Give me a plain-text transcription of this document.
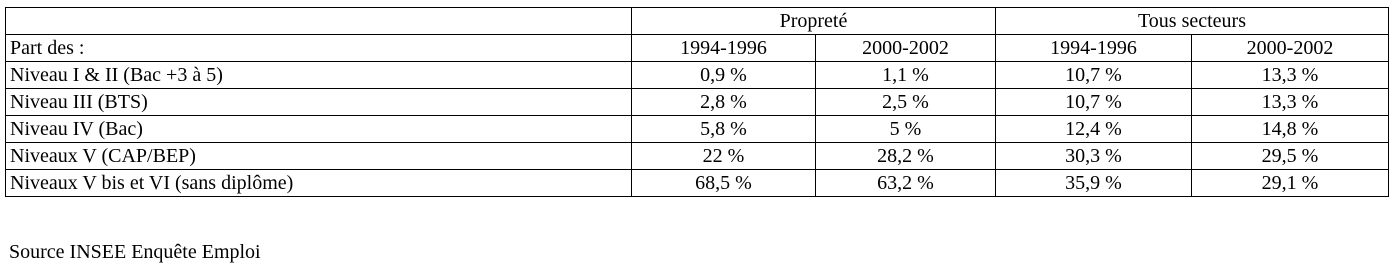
	Propreté		Tous secteurs	
Part des :	1994-1996	2000-2002	1994-1996	2000-2002
Niveau I & II (Bac +3 à 5)	0,9 %	1,1 %	10,7 %	13,3 %
Niveau III (BTS)	2,8 %	2,5 %	10,7 %	13,3 %
Niveau IV (Bac)	5,8 %	5 %	12,4 %	14,8 %
Niveaux V (CAP/BEP)	22 %	28,2 %	30,3 %	29,5 %
Niveaux V bis et VI (sans diplôme)	68,5 %	63,2 %	35,9 %	29,1 %
Source INSEE Enquête Emploi
